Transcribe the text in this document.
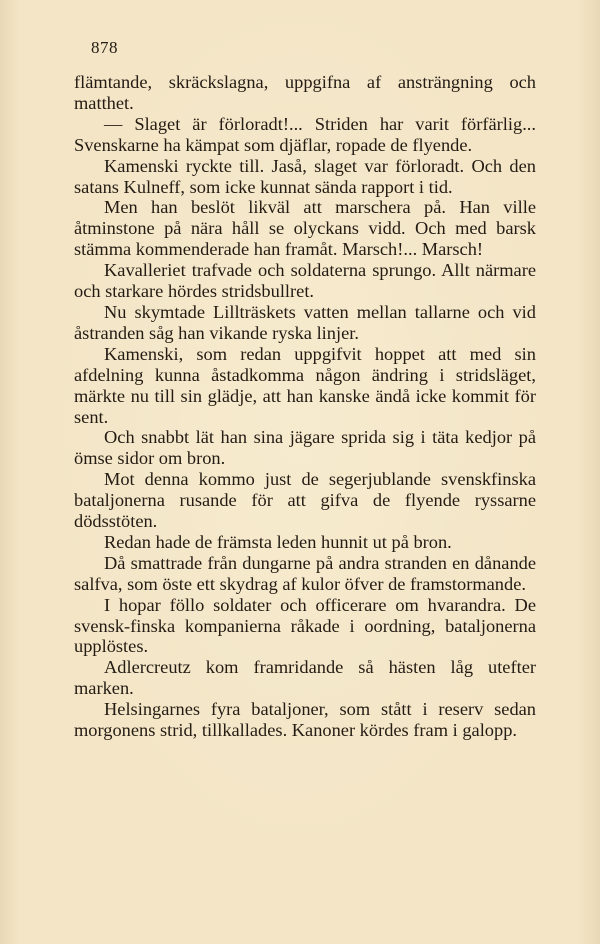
878

flämtande, skräckslagna, uppgifna af ansträngning och matthet.

— Slaget är förloradt!... Striden har varit förfärlig... Svenskarne ha kämpat som djäflar, ropade de flyende.

Kamenski ryckte till. Jaså, slaget var förloradt. Och den satans Kulneff, som icke kunnat sända rapport i tid.

Men han beslöt likväl att marschera på. Han ville åtminstone på nära håll se olyckans vidd. Och med barsk stämma kommenderade han framåt. Marsch!... Marsch!

Kavalleriet trafvade och soldaterna sprungo. Allt närmare och starkare hördes stridsbullret.

Nu skymtade Lillträskets vatten mellan tallarne och vid åstranden såg han vikande ryska linjer.

Kamenski, som redan uppgifvit hoppet att med sin afdelning kunna åstadkomma någon ändring i stridsläget, märkte nu till sin glädje, att han kanske ändå icke kommit för sent.

Och snabbt lät han sina jägare sprida sig i täta kedjor på ömse sidor om bron.

Mot denna kommo just de segerjublande svenskfinska bataljonerna rusande för att gifva de flyende ryssarne dödsstöten.

Redan hade de främsta leden hunnit ut på bron.

Då smattrade från dungarne på andra stranden en dånande salfva, som öste ett skydrag af kulor öfver de framstormande.

I hopar föllo soldater och officerare om hvarandra. De svensk-finska kompanierna råkade i oordning, bataljonerna upplöstes.

Adlercreutz kom framridande så hästen låg utefter marken.

Helsingarnes fyra bataljoner, som stått i reserv sedan morgonens strid, tillkallades. Kanoner kördes fram i galopp.
